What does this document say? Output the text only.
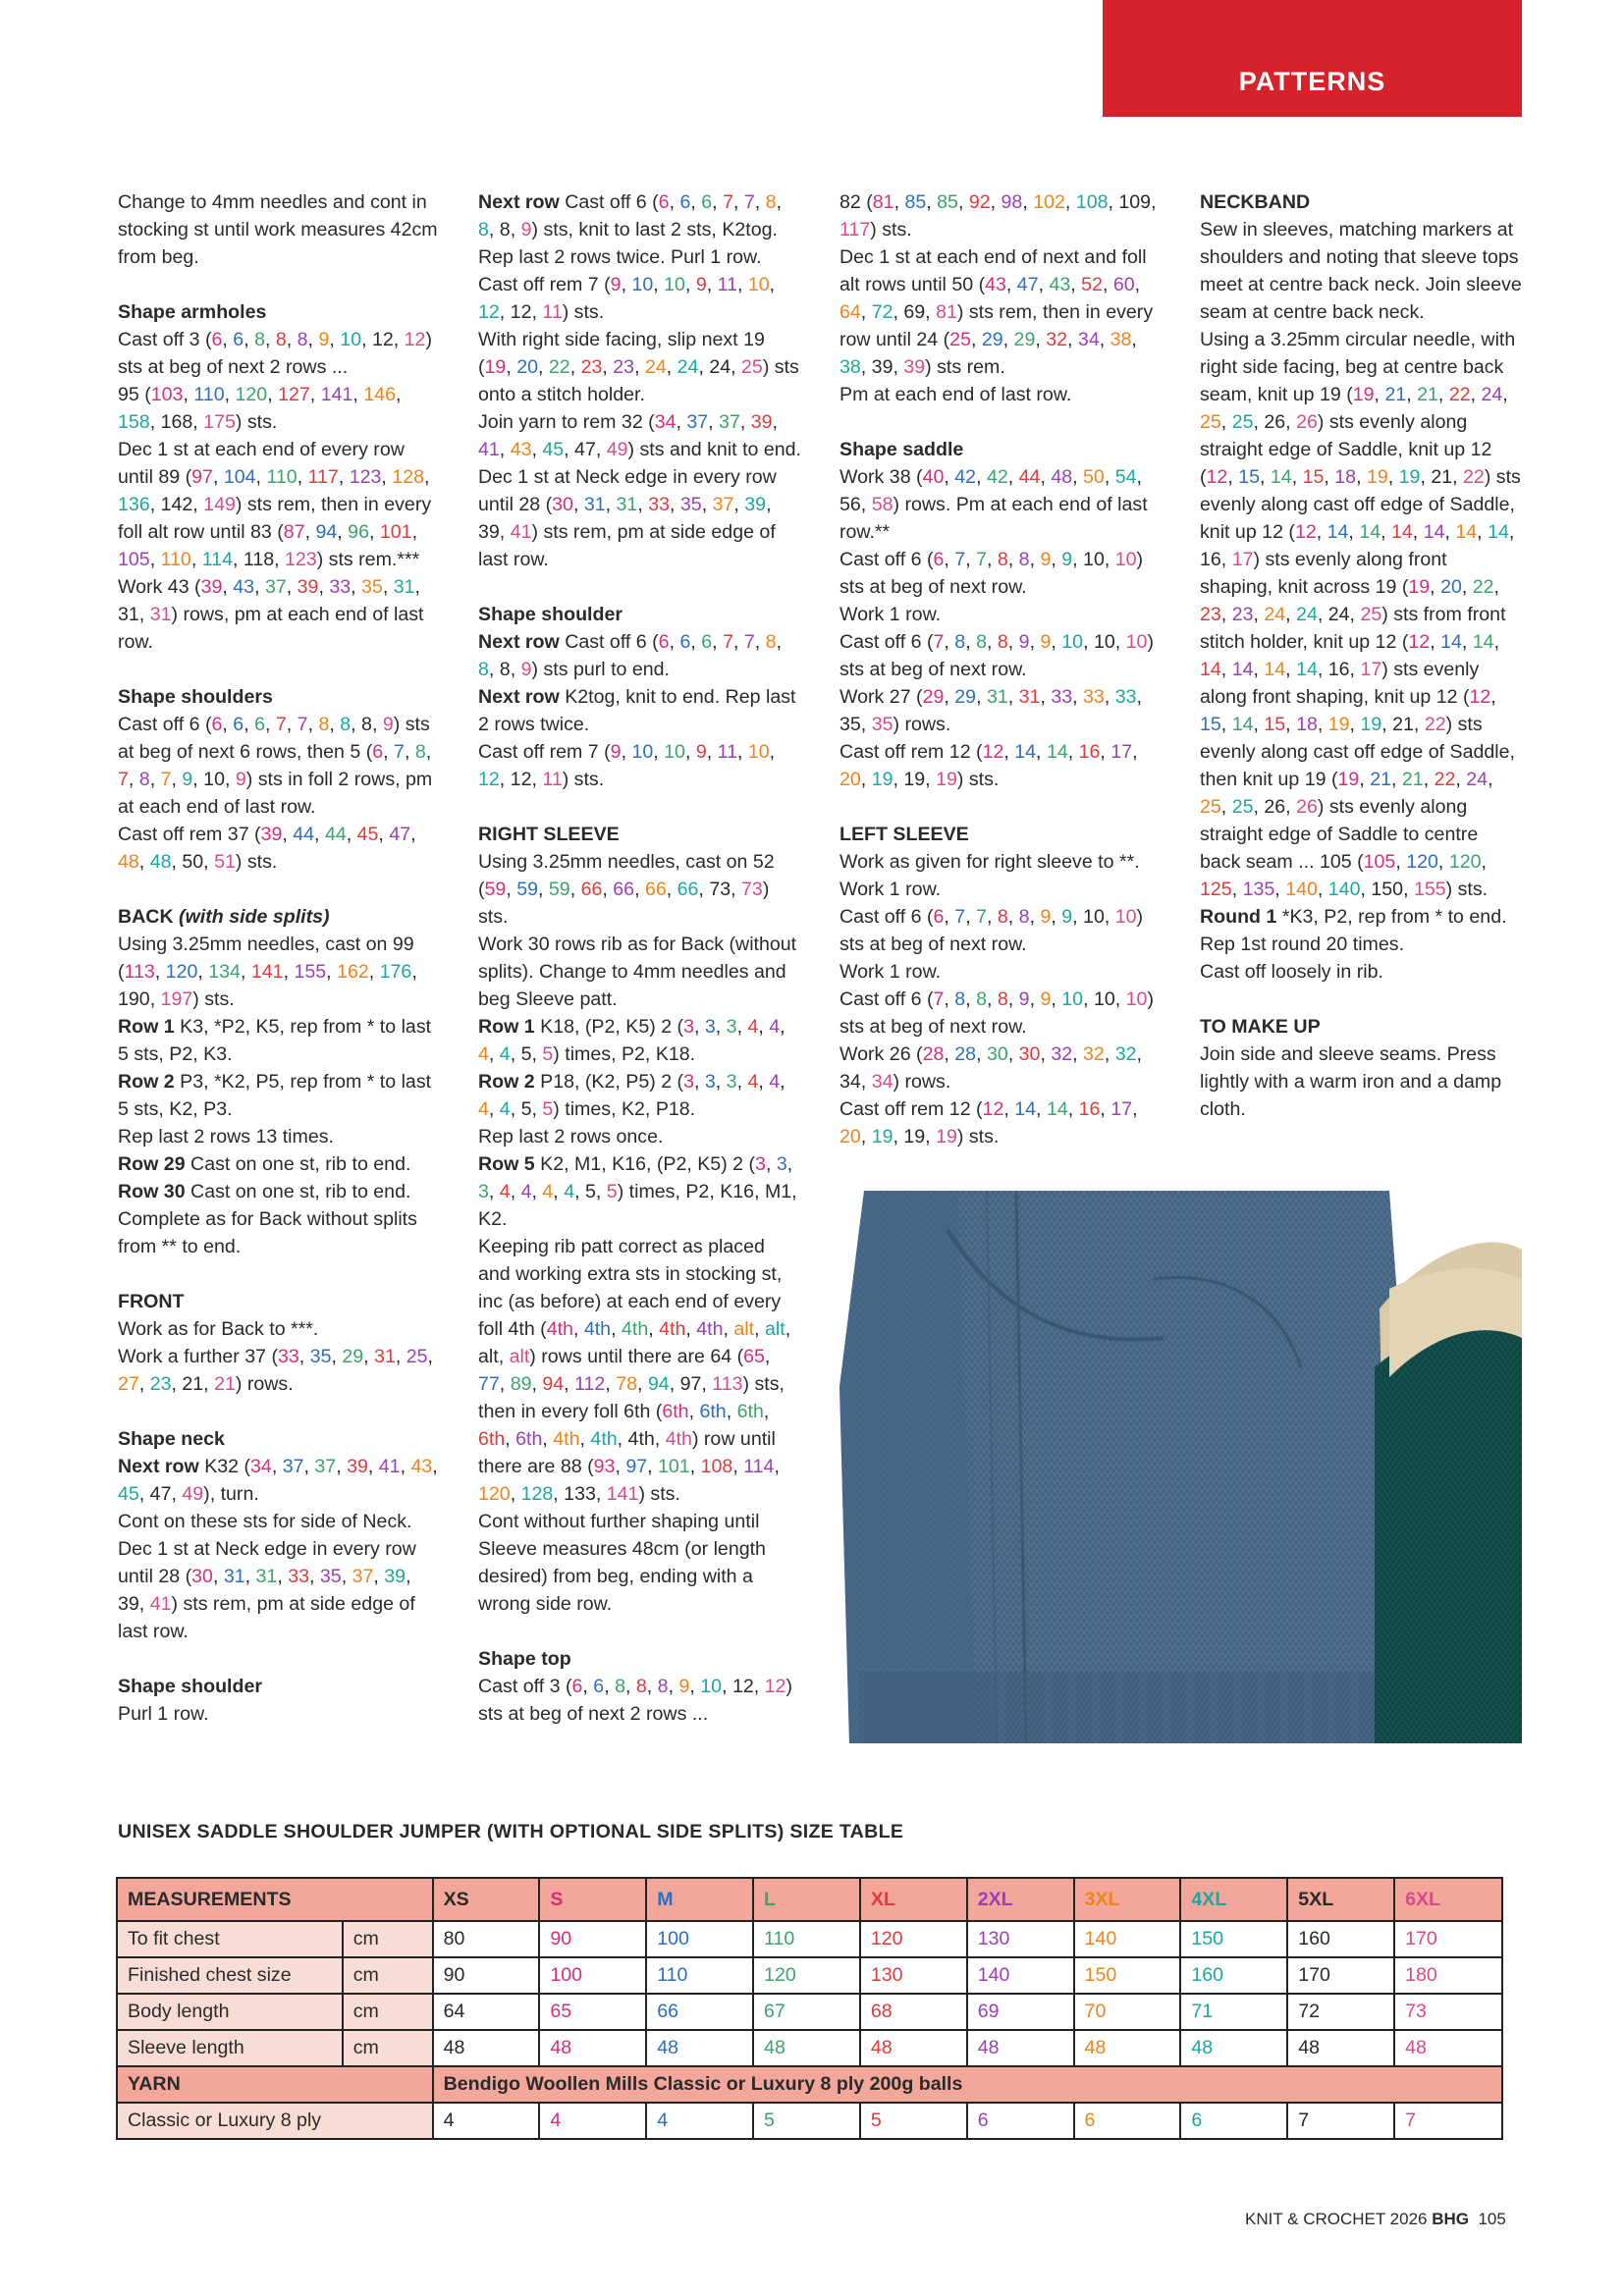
PATTERNS

Change to 4mm needles and cont in stocking st until work measures 42cm from beg.

Shape armholes

Cast off 3 (6, 6, 8, 8, 8, 9, 10, 12, 12) sts at beg of next 2 rows ...

95 (103, 110, 120, 127, 141, 146, 158, 168, 175) sts.

Dec 1 st at each end of every row until 89 (97, 104, 110, 117, 123, 128, 136, 142, 149) sts rem, then in every foll alt row until 83 (87, 94, 96, 101, 105, 110, 114, 118, 123) sts rem.***

Work 43 (39, 43, 37, 39, 33, 35, 31, 31, 31) rows, pm at each end of last row.

Shape shoulders

Cast off 6 (6, 6, 6, 7, 7, 8, 8, 8, 9) sts at beg of next 6 rows, then 5 (6, 7, 8, 7, 8, 7, 9, 10, 9) sts in foll 2 rows, pm at each end of last row.

Cast off rem 37 (39, 44, 44, 45, 47, 48, 48, 50, 51) sts.

BACK (with side splits)

Using 3.25mm needles, cast on 99 (113, 120, 134, 141, 155, 162, 176, 190, 197) sts.

Row 1 K3, *P2, K5, rep from * to last 5 sts, P2, K3.

Row 2 P3, *K2, P5, rep from * to last 5 sts, K2, P3.

Rep last 2 rows 13 times.

Row 29 Cast on one st, rib to end.

Row 30 Cast on one st, rib to end.

Complete as for Back without splits from ** to end.

FRONT

Work as for Back to ***.

Work a further 37 (33, 35, 29, 31, 25, 27, 23, 21, 21) rows.

Shape neck

Next row K32 (34, 37, 37, 39, 41, 43, 45, 47, 49), turn.

Cont on these sts for side of Neck.

Dec 1 st at Neck edge in every row until 28 (30, 31, 31, 33, 35, 37, 39, 39, 41) sts rem, pm at side edge of last row.

Shape shoulder

Purl 1 row.

Next row Cast off 6 (6, 6, 6, 7, 7, 8, 8, 8, 9) sts, knit to last 2 sts, K2tog.

Rep last 2 rows twice. Purl 1 row.

Cast off rem 7 (9, 10, 10, 9, 11, 10, 12, 12, 11) sts.

With right side facing, slip next 19 (19, 20, 22, 23, 23, 24, 24, 24, 25) sts onto a stitch holder.

Join yarn to rem 32 (34, 37, 37, 39, 41, 43, 45, 47, 49) sts and knit to end.

Dec 1 st at Neck edge in every row until 28 (30, 31, 31, 33, 35, 37, 39, 39, 41) sts rem, pm at side edge of last row.

Shape shoulder

Next row Cast off 6 (6, 6, 6, 7, 7, 8, 8, 8, 9) sts purl to end.

Next row K2tog, knit to end. Rep last 2 rows twice.

Cast off rem 7 (9, 10, 10, 9, 11, 10, 12, 12, 11) sts.

RIGHT SLEEVE

Using 3.25mm needles, cast on 52 (59, 59, 59, 66, 66, 66, 66, 73, 73) sts.

Work 30 rows rib as for Back (without splits). Change to 4mm needles and beg Sleeve patt.

Row 1 K18, (P2, K5) 2 (3, 3, 3, 4, 4, 4, 4, 5, 5) times, P2, K18.

Row 2 P18, (K2, P5) 2 (3, 3, 3, 4, 4, 4, 4, 5, 5) times, K2, P18.

Rep last 2 rows once.

Row 5 K2, M1, K16, (P2, K5) 2 (3, 3, 3, 4, 4, 4, 4, 5, 5) times, P2, K16, M1, K2.

Keeping rib patt correct as placed and working extra sts in stocking st, inc (as before) at each end of every foll 4th (4th, 4th, 4th, 4th, 4th, alt, alt, alt, alt) rows until there are 64 (65, 77, 89, 94, 112, 78, 94, 97, 113) sts, then in every foll 6th (6th, 6th, 6th, 6th, 6th, 4th, 4th, 4th, 4th) row until there are 88 (93, 97, 101, 108, 114, 120, 128, 133, 141) sts.

Cont without further shaping until Sleeve measures 48cm (or length desired) from beg, ending with a wrong side row.

Shape top

Cast off 3 (6, 6, 8, 8, 8, 9, 10, 12, 12) sts at beg of next 2 rows ...

82 (81, 85, 85, 92, 98, 102, 108, 109, 117) sts.

Dec 1 st at each end of next and foll alt rows until 50 (43, 47, 43, 52, 60, 64, 72, 69, 81) sts rem, then in every row until 24 (25, 29, 29, 32, 34, 38, 38, 39, 39) sts rem.

Pm at each end of last row.

Shape saddle

Work 38 (40, 42, 42, 44, 48, 50, 54, 56, 58) rows. Pm at each end of last row.**

Cast off 6 (6, 7, 7, 8, 8, 9, 9, 10, 10) sts at beg of next row.

Work 1 row.

Cast off 6 (7, 8, 8, 8, 9, 9, 10, 10, 10) sts at beg of next row.

Work 27 (29, 29, 31, 31, 33, 33, 33, 35, 35) rows.

Cast off rem 12 (12, 14, 14, 16, 17, 20, 19, 19, 19) sts.

LEFT SLEEVE

Work as given for right sleeve to **.

Work 1 row.

Cast off 6 (6, 7, 7, 8, 8, 9, 9, 10, 10) sts at beg of next row.

Work 1 row.

Cast off 6 (7, 8, 8, 8, 9, 9, 10, 10, 10) sts at beg of next row.

Work 26 (28, 28, 30, 30, 32, 32, 32, 34, 34) rows.

Cast off rem 12 (12, 14, 14, 16, 17, 20, 19, 19, 19) sts.

NECKBAND

Sew in sleeves, matching markers at shoulders and noting that sleeve tops meet at centre back neck. Join sleeve seam at centre back neck.

Using a 3.25mm circular needle, with right side facing, beg at centre back seam, knit up 19 (19, 21, 21, 22, 24, 25, 25, 26, 26) sts evenly along straight edge of Saddle, knit up 12 (12, 15, 14, 15, 18, 19, 19, 21, 22) sts evenly along cast off edge of Saddle, knit up 12 (12, 14, 14, 14, 14, 14, 14, 16, 17) sts evenly along front shaping, knit across 19 (19, 20, 22, 23, 23, 24, 24, 24, 25) sts from front stitch holder, knit up 12 (12, 14, 14, 14, 14, 14, 14, 16, 17) sts evenly along front shaping, knit up 12 (12, 15, 14, 15, 18, 19, 19, 21, 22) sts evenly along cast off edge of Saddle, then knit up 19 (19, 21, 21, 22, 24, 25, 25, 26, 26) sts evenly along straight edge of Saddle to centre back seam ... 105 (105, 120, 120, 125, 135, 140, 140, 150, 155) sts.

Round 1 *K3, P2, rep from * to end.

Rep 1st round 20 times.

Cast off loosely in rib.

TO MAKE UP

Join side and sleeve seams. Press lightly with a warm iron and a damp cloth.

UNISEX SADDLE SHOULDER JUMPER (WITH OPTIONAL SIDE SPLITS) SIZE TABLE
MEASUREMENTS		XS	S	M	L	XL	2XL	3XL	4XL	5XL	6XL
To fit chest	cm	80	90	100	110	120	130	140	150	160	170
Finished chest size	cm	90	100	110	120	130	140	150	160	170	180
Body length	cm	64	65	66	67	68	69	70	71	72	73
Sleeve length	cm	48	48	48	48	48	48	48	48	48	48
YARN		Bendigo Woollen Mills Classic or Luxury 8 ply 200g balls									
Classic or Luxury 8 ply		4	4	4	5	5	6	6	6	7	7
KNIT & CROCHET 2026 BHG 105
